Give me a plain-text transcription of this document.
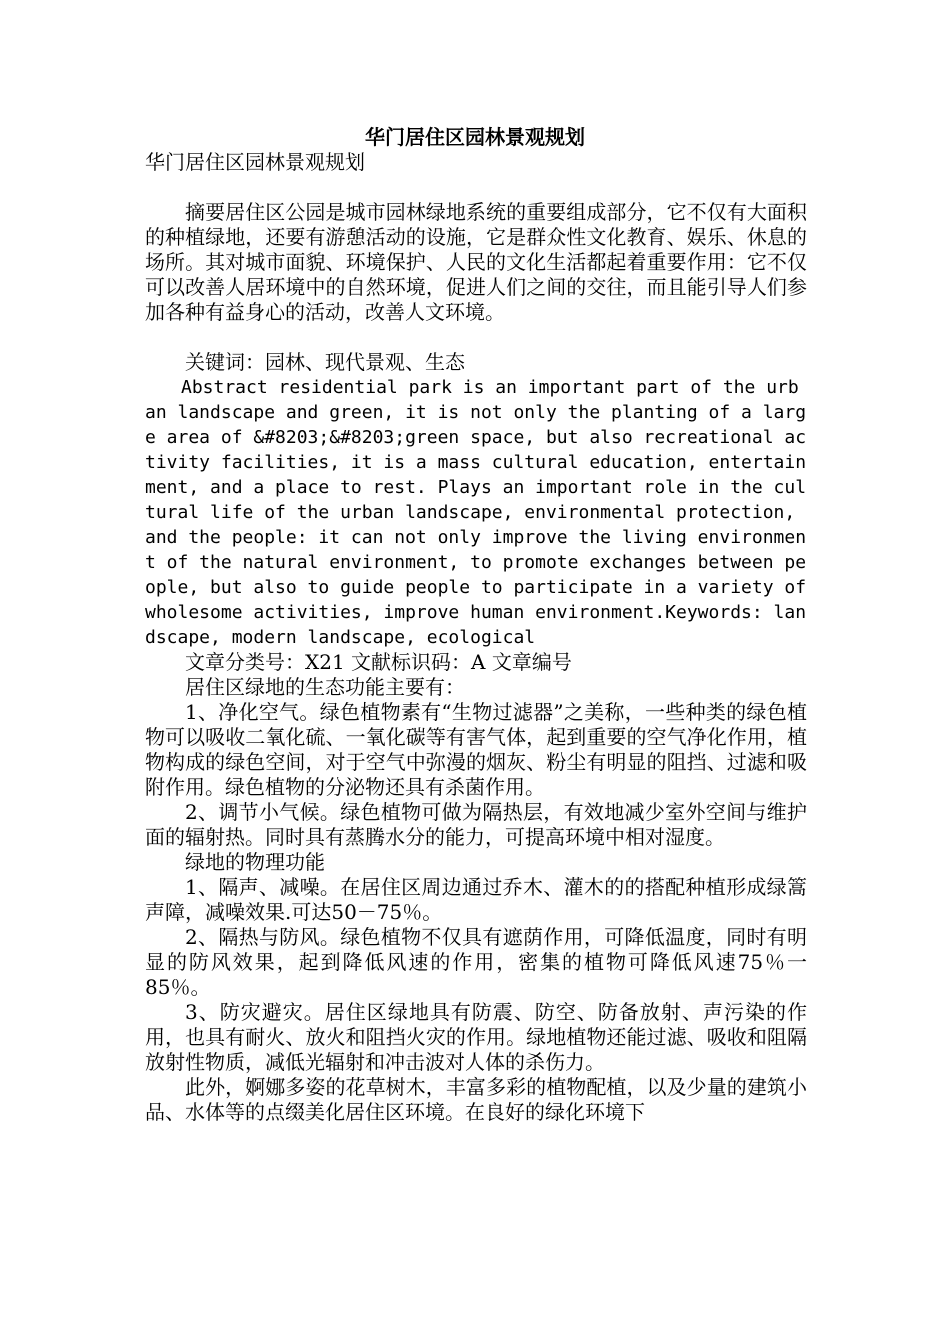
华门居住区园林景观规划

华门居住区园林景观规划

摘要居住区公园是城市园林绿地系统的重要组成部分，它不仅有大面积的种植绿地，还要有游憩活动的设施，它是群众性文化教育、娱乐、休息的场所。其对城市面貌、环境保护、人民的文化生活都起着重要作用：它不仅可以改善人居环境中的自然环境，促进人们之间的交往，而且能引导人们参加各种有益身心的活动，改善人文环境。

关键词：园林、现代景观、生态

Abstract residential park is an important part of the urban landscape and green, it is not only the planting of a large area of &#8203;&#8203;green space, but also recreational activity facilities, it is a mass cultural education, entertainment, and a place to rest. Plays an important role in the cultural life of the urban landscape, environmental protection, and the people: it can not only improve the living environment of the natural environment, to promote exchanges between people, but also to guide people to participate in a variety of wholesome activities, improve human environment.Keywords: landscape, modern landscape, ecological

文章分类号：X21 文献标识码：A 文章编号

居住区绿地的生态功能主要有：

1、净化空气。绿色植物素有“生物过滤器”之美称，一些种类的绿色植物可以吸收二氧化硫、一氧化碳等有害气体，起到重要的空气净化作用，植物构成的绿色空间，对于空气中弥漫的烟灰、粉尘有明显的阻挡、过滤和吸附作用。绿色植物的分泌物还具有杀菌作用。

2、调节小气候。绿色植物可做为隔热层，有效地减少室外空间与维护面的辐射热。同时具有蒸腾水分的能力，可提高环境中相对湿度。

绿地的物理功能

1、隔声、减噪。在居住区周边通过乔木、灌木的的搭配种植形成绿篙声障，减噪效果.可达50－75％。

2、隔热与防风。绿色植物不仅具有遮荫作用，可降低温度，同时有明显的防风效果，起到降低风速的作用，密集的植物可降低风速75％一85％。

3、防灾避灾。居住区绿地具有防震、防空、防备放射、声污染的作用，也具有耐火、放火和阻挡火灾的作用。绿地植物还能过滤、吸收和阻隔放射性物质，减低光辐射和冲击波对人体的杀伤力。

此外，婀娜多姿的花草树木，丰富多彩的植物配植，以及少量的建筑小品、水体等的点缀美化居住区环境。在良好的绿化环境下
